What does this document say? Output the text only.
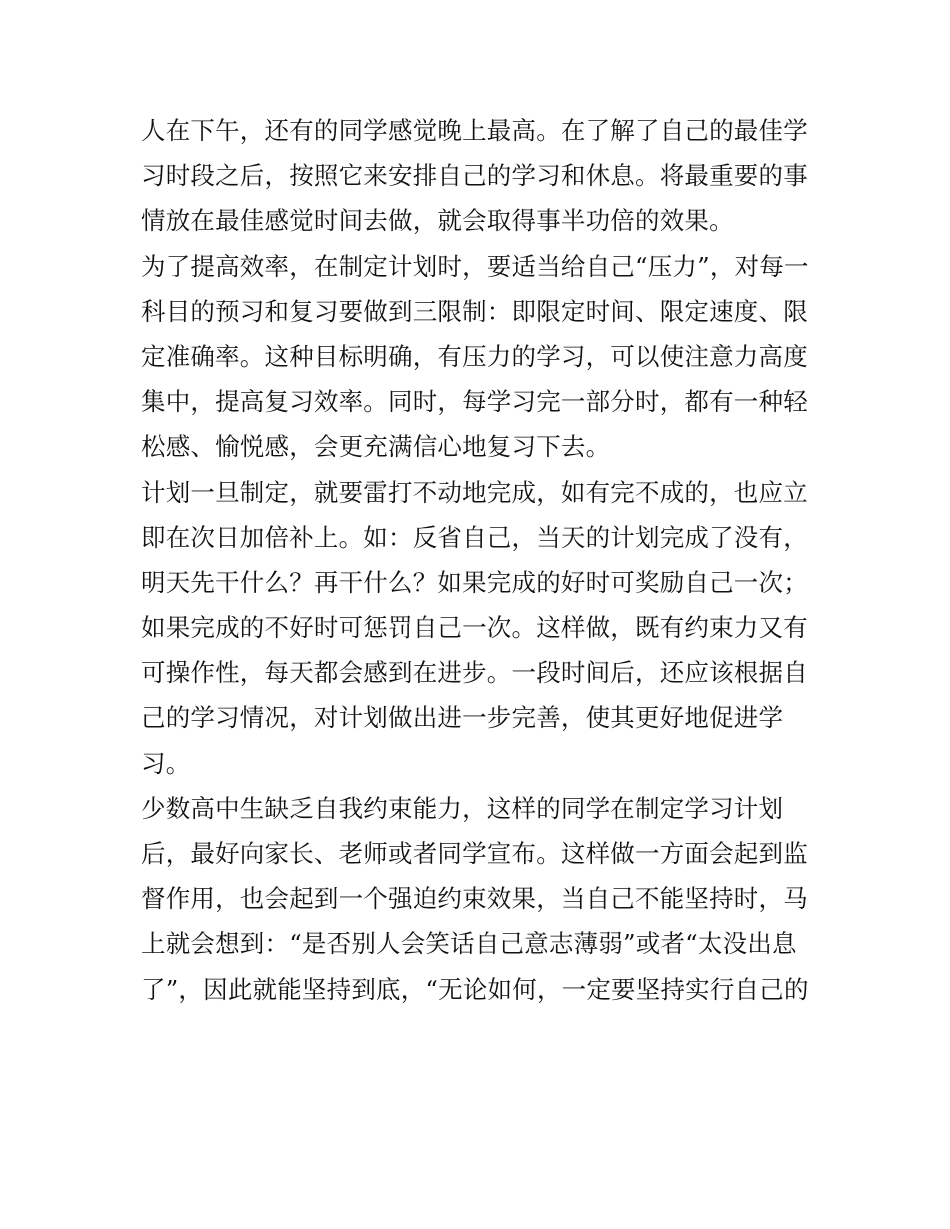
人在下午，还有的同学感觉晚上最高。在了解了自己的最佳学
习时段之后，按照它来安排自己的学习和休息。将最重要的事
情放在最佳感觉时间去做，就会取得事半功倍的效果。
为了提高效率，在制定计划时，要适当给自己“压力”，对每一
科目的预习和复习要做到三限制：即限定时间、限定速度、限
定准确率。这种目标明确，有压力的学习，可以使注意力高度
集中，提高复习效率。同时，每学习完一部分时，都有一种轻
松感、愉悦感，会更充满信心地复习下去。
计划一旦制定，就要雷打不动地完成，如有完不成的，也应立
即在次日加倍补上。如：反省自己，当天的计划完成了没有，
明天先干什么？再干什么？如果完成的好时可奖励自己一次；
如果完成的不好时可惩罚自己一次。这样做，既有约束力又有
可操作性，每天都会感到在进步。一段时间后，还应该根据自
己的学习情况，对计划做出进一步完善，使其更好地促进学
习。
少数高中生缺乏自我约束能力，这样的同学在制定学习计划
后，最好向家长、老师或者同学宣布。这样做一方面会起到监
督作用，也会起到一个强迫约束效果，当自己不能坚持时，马
上就会想到：“是否别人会笑话自己意志薄弱”或者“太没出息
了”，因此就能坚持到底，“无论如何，一定要坚持实行自己的
